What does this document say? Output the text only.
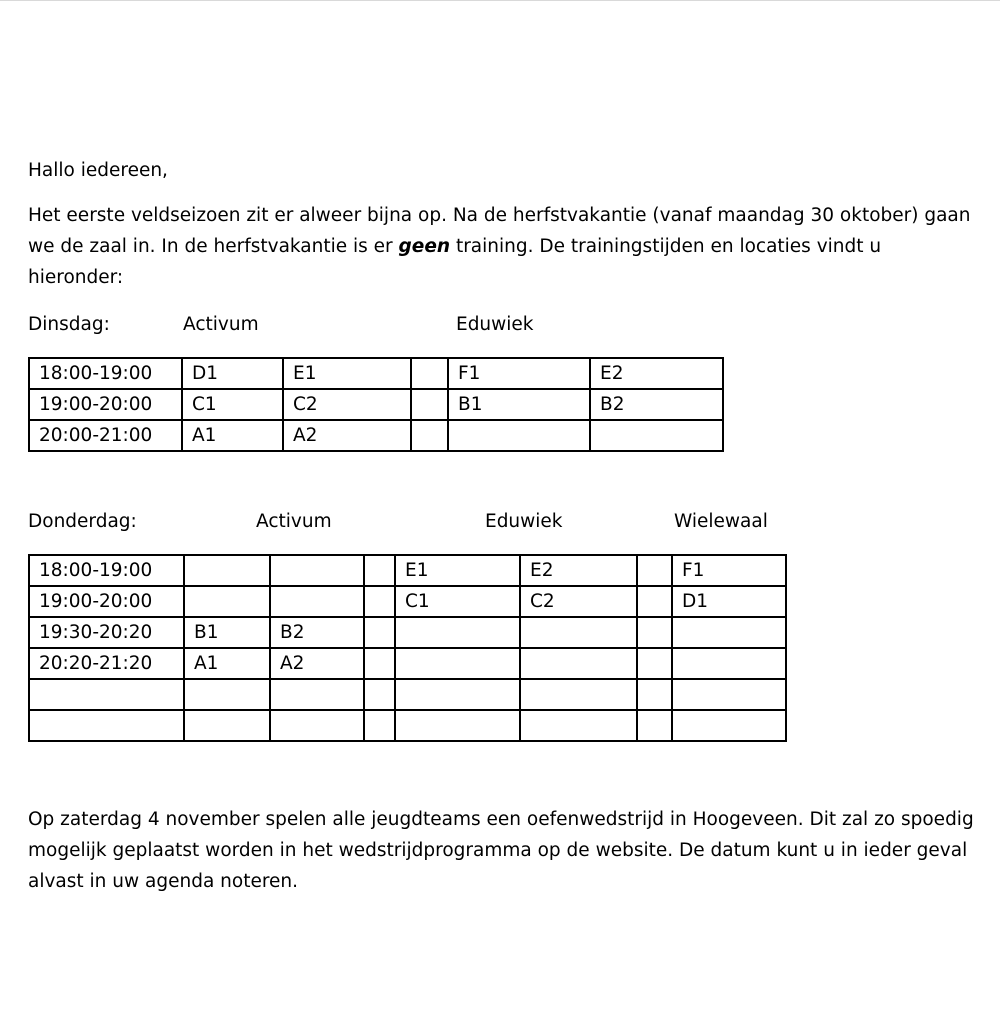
Hallo iedereen,

Het eerste veldseizoen zit er alweer bijna op. Na de herfstvakantie (vanaf maandag 30 oktober) gaan
we de zaal in. In de herfstvakantie is er geen training. De trainingstijden en locaties vindt u
hieronder:

Dinsdag:	Activum	Eduwiek
18:00-19:00	D1	E1		F1	E2
19:00-20:00	C1	C2		B1	B2
20:00-21:00	A1	A2			
Donderdag:	Activum	Eduwiek	Wielewaal
18:00-19:00				E1	E2		F1
19:00-20:00				C1	C2		D1
19:30-20:20	B1	B2					
20:20-21:20	A1	A2					

Op zaterdag 4 november spelen alle jeugdteams een oefenwedstrijd in Hoogeveen. Dit zal zo spoedig
mogelijk geplaatst worden in het wedstrijdprogramma op de website. De datum kunt u in ieder geval
alvast in uw agenda noteren.
